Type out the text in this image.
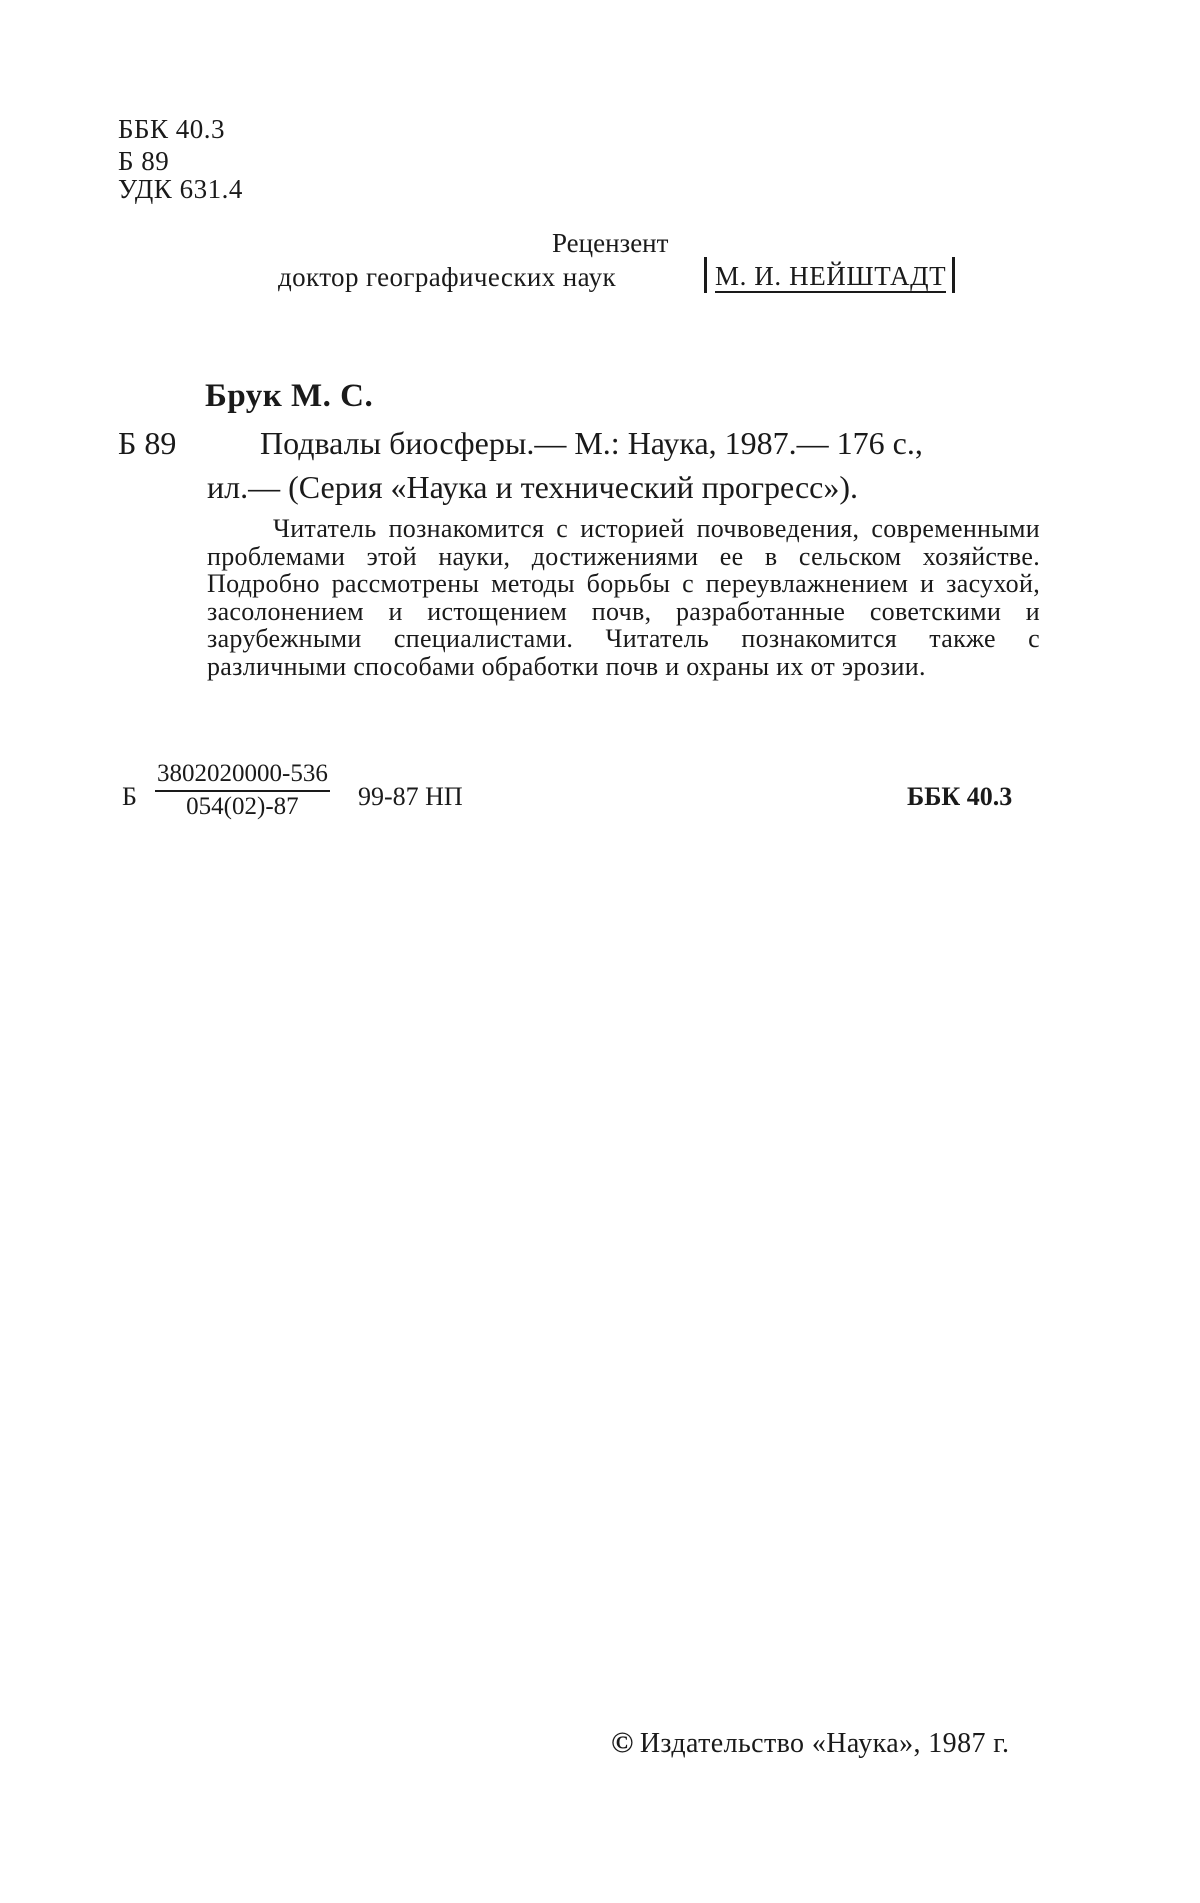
ББК 40.3
Б 89
УДК 631.4
Рецензент
доктор географических наук	М. И. НЕЙШТАДТ
Брук М. С.
Б 89	Подвалы биосферы.— М.: Наука, 1987.— 176 с.,
ил.— (Серия «Наука и технический прогресс»).
Читатель познакомится с историей почвоведения, современными проблемами этой науки, достижениями ее в сельском хозяйстве. Подробно рассмотрены методы борьбы с переувлажнением и засухой, засолонением и истощением почв, разработанные советскими и зарубежными специалистами. Читатель познакомится также с различными способами обработки почв и охраны их от эрозии.
Б $\frac{3802020000-536}{054(02)-87} 99-87$ НП	ББК 40.3
© Издательство «Наука», 1987 г.
